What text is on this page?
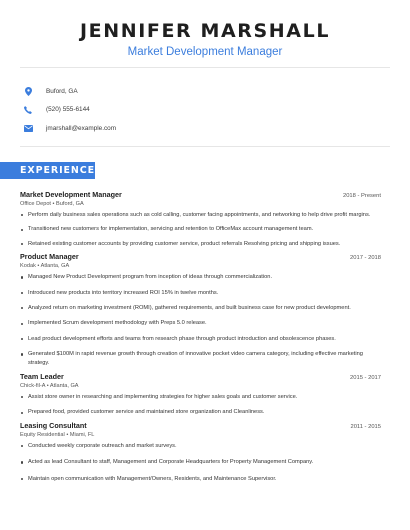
JENNIFER MARSHALL
Market Development Manager
Buford, GA
(520) 555-6144
jmarshall@example.com
EXPERIENCE
Market Development Manager	2018 - Present
Office Depot • Buford, GA
Perform daily business sales operations such as cold calling, customer facing appointments, and networking to help drive profit margins.
Transitioned new customers for implementation, servicing and retention to OfficeMax account management team.
Retained existing customer accounts by providing customer service, product referrals Resolving pricing and shipping issues.
Product Manager	2017 - 2018
Kodak • Atlanta, GA
Managed New Product Development program from inception of ideas through commercialization.
Introduced new products into territory increased ROI 15% in twelve months.
Analyzed return on marketing investment (ROMI), gathered requirements, and built business case for new product development.
Implemented Scrum development methodology with Preps 5.0 release.
Lead product development efforts and teams from research phase through product introduction and obsolescence phases.
Generated $100M in rapid revenue growth through creation of innovative pocket video camera category, including effective marketing strategy.
Team Leader	2015 - 2017
Chick-fil-A • Atlanta, GA
Assist store owner in researching and implementing strategies for higher sales goals and customer service.
Prepared food, provided customer service and maintained store organization and Cleanliness.
Leasing Consultant	2011 - 2015
Equity Residential • Miami, FL
Conducted weekly corporate outreach and market surveys.
Acted as lead Consultant to staff, Management and Corporate Headquarters for Property Management Company.
Maintain open communication with Management/Owners, Residents, and Maintenance Supervisor.
